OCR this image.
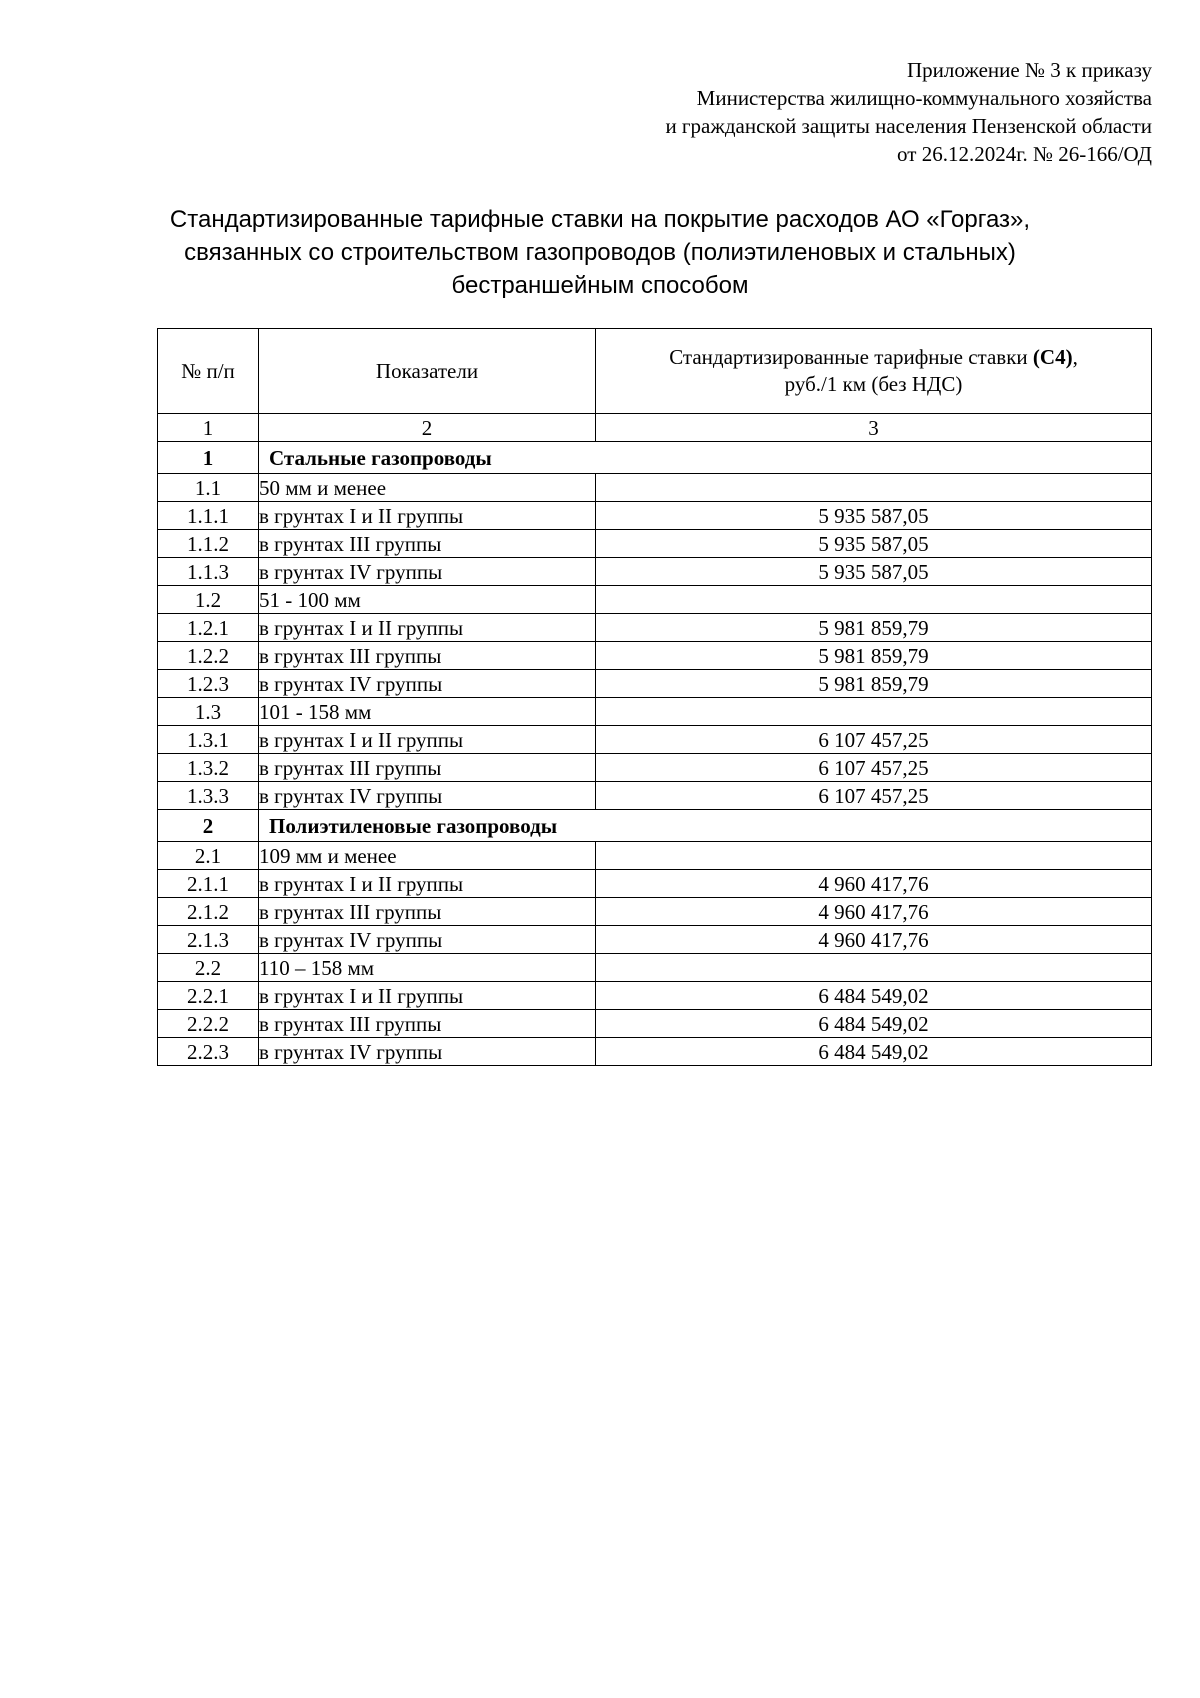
Приложение № 3 к приказу
Министерства жилищно-коммунального хозяйства
и гражданской защиты населения Пензенской области
от 26.12.2024г. № 26-166/ОД
Стандартизированные тарифные ставки на покрытие расходов АО «Горгаз»,
связанных со строительством газопроводов (полиэтиленовых и стальных)
бестраншейным способом
№ п/п	Показатели	Стандартизированные тарифные ставки (С4),
руб./1 км (без НДС)
1	2	3
1	Стальные газопроводы	
1.1	50 мм и менее	
1.1.1	в грунтах I и II группы	5 935 587,05
1.1.2	в грунтах III группы	5 935 587,05
1.1.3	в грунтах IV группы	5 935 587,05
1.2	51 - 100 мм	
1.2.1	в грунтах I и II группы	5 981 859,79
1.2.2	в грунтах III группы	5 981 859,79
1.2.3	в грунтах IV группы	5 981 859,79
1.3	101 - 158 мм	
1.3.1	в грунтах I и II группы	6 107 457,25
1.3.2	в грунтах III группы	6 107 457,25
1.3.3	в грунтах IV группы	6 107 457,25
2	Полиэтиленовые газопроводы	
2.1	109 мм и менее	
2.1.1	в грунтах I и II группы	4 960 417,76
2.1.2	в грунтах III группы	4 960 417,76
2.1.3	в грунтах IV группы	4 960 417,76
2.2	110 – 158 мм	
2.2.1	в грунтах I и II группы	6 484 549,02
2.2.2	в грунтах III группы	6 484 549,02
2.2.3	в грунтах IV группы	6 484 549,02
